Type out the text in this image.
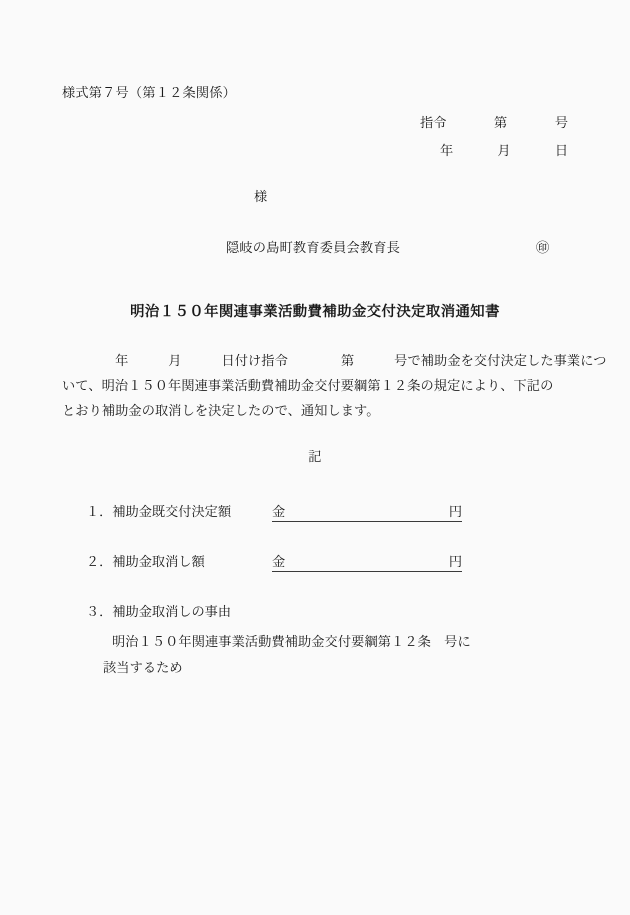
様式第７号（第１２条関係）
指令	第	号
年	月	日
様
隠岐の島町教育委員会教育長	㊞
明治１５０年関連事業活動費補助金交付決定取消通知書
　　　　年　　　月　　　日付け指令　　　　第　　　号で補助金を交付決定した事業につ
いて、明治１５０年関連事業活動費補助金交付要綱第１２条の規定により、下記の
とおり補助金の取消しを決定したので、通知します。
記
１．補助金既交付決定額	金	円
２．補助金取消し額	金	円
３．補助金取消しの事由
明治１５０年関連事業活動費補助金交付要綱第１２条　号に
該当するため
